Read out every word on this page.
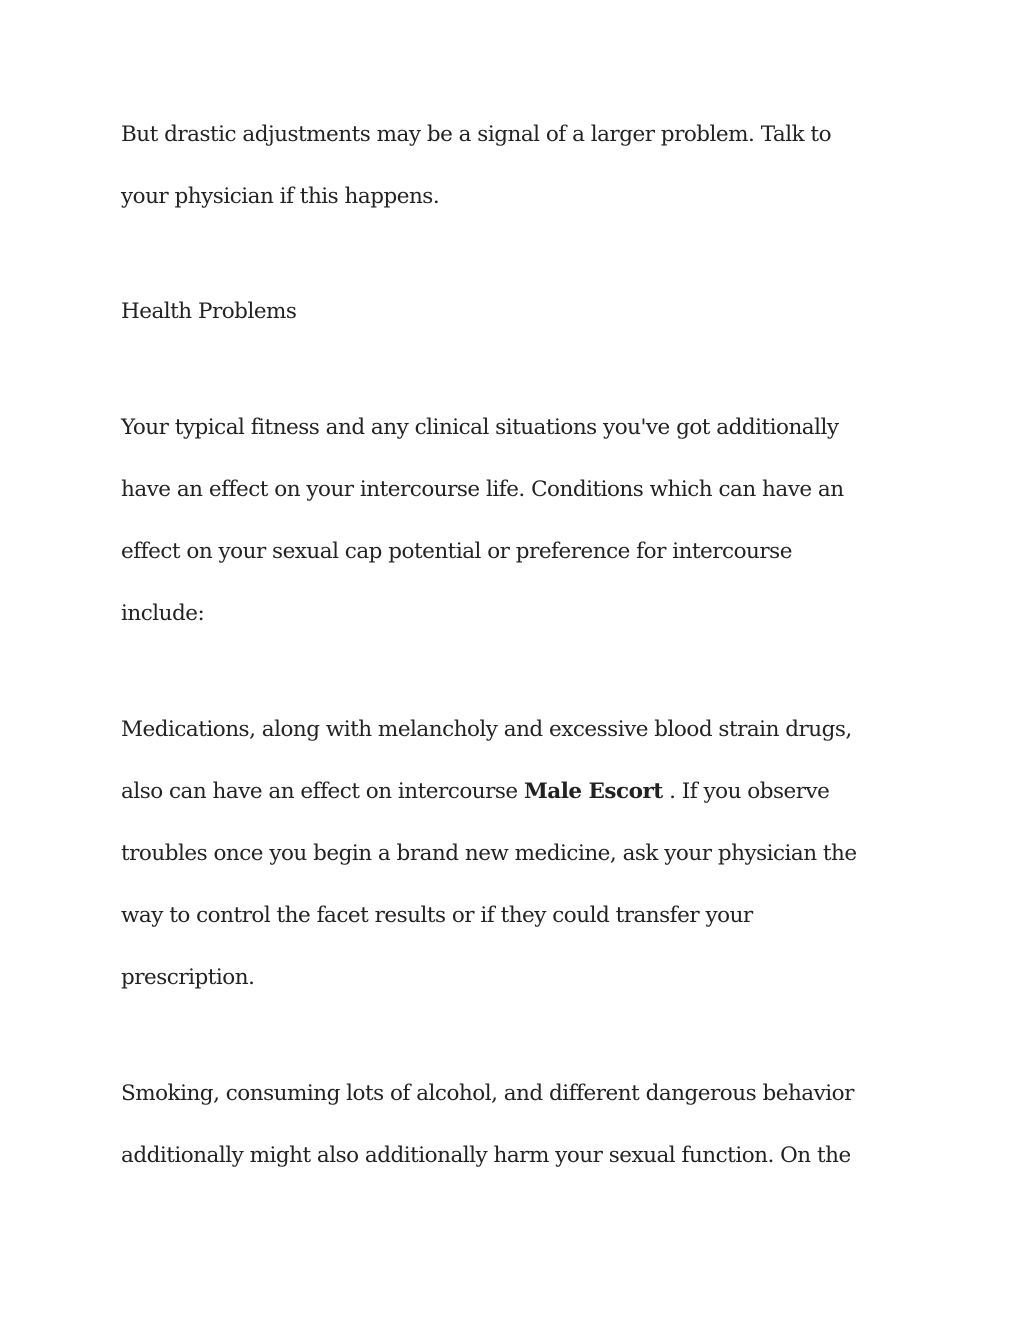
But drastic adjustments may be a signal of a larger problem. Talk to
your physician if this happens.
Health Problems
Your typical fitness and any clinical situations you've got additionally
have an effect on your intercourse life. Conditions which can have an
effect on your sexual cap potential or preference for intercourse
include:
Medications, along with melancholy and excessive blood strain drugs,
also can have an effect on intercourse Male Escort . If you observe
troubles once you begin a brand new medicine, ask your physician the
way to control the facet results or if they could transfer your
prescription.
Smoking, consuming lots of alcohol, and different dangerous behavior
additionally might also additionally harm your sexual function. On the
